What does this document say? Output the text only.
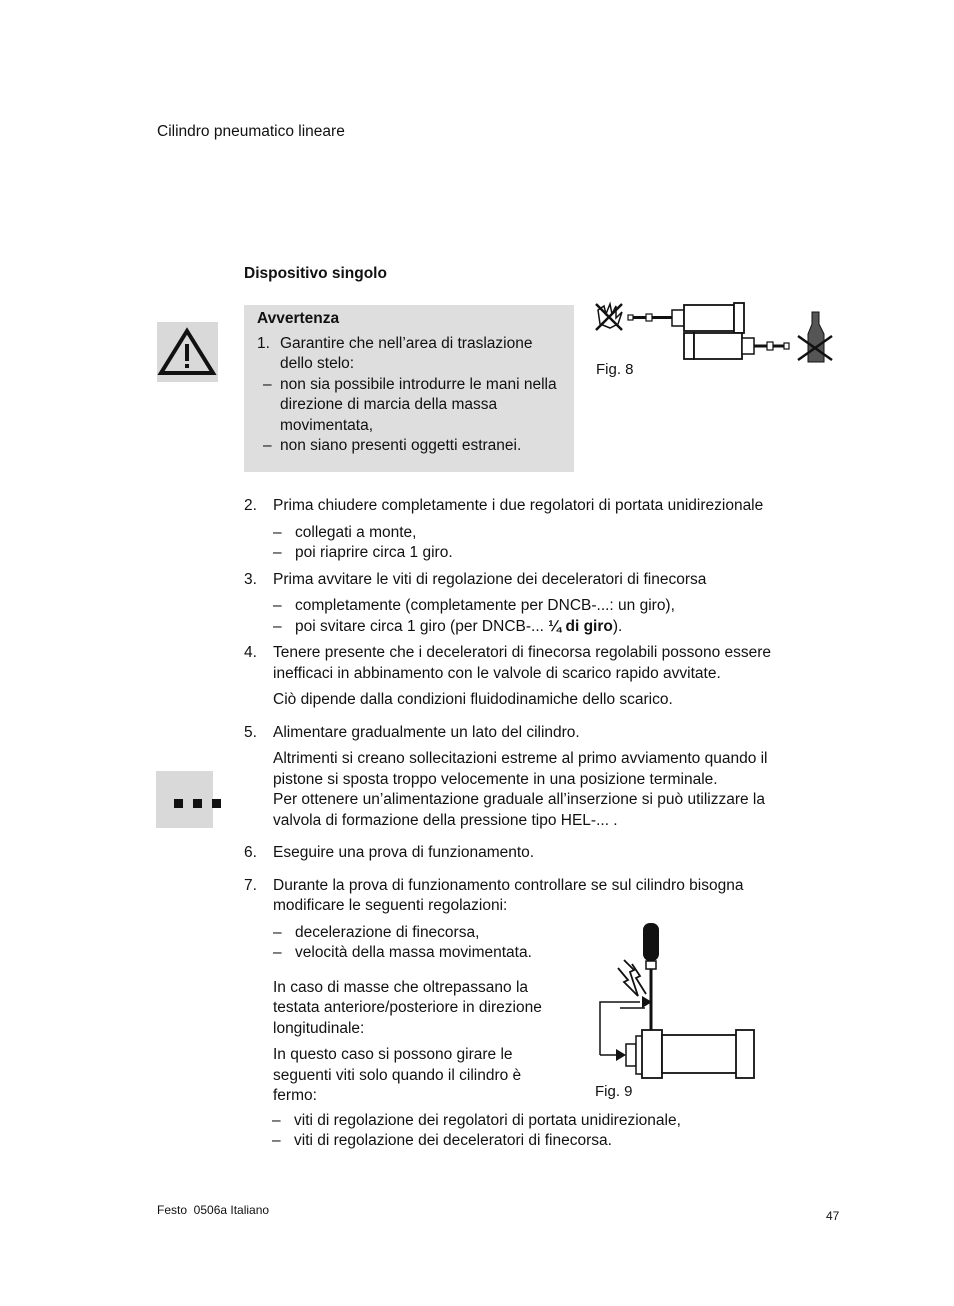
Cilindro pneumatico lineare
Dispositivo singolo
Avvertenza
1. Garantire che nell’area di traslazione dello stelo:
– non sia possibile introdurre le mani nella direzione di marcia della massa movimentata,
– non siano presenti oggetti estranei.
Fig. 8
2. Prima chiudere completamente i due regolatori di portata unidirezionale
– collegati a monte,
– poi riaprire circa 1 giro.
3. Prima avvitare le viti di regolazione dei deceleratori di finecorsa
– completamente (completamente per DNCB-...: un giro),
– poi svitare circa 1 giro (per DNCB-... ¼ di giro).
4. Tenere presente che i deceleratori di finecorsa regolabili possono essere inefficaci in abbinamento con le valvole di scarico rapido avvitate.
Ciò dipende dalla condizioni fluidodinamiche dello scarico.
5. Alimentare gradualmente un lato del cilindro.
Altrimenti si creano sollecitazioni estreme al primo avviamento quando il pistone si sposta troppo velocemente in una posizione terminale.
Per ottenere un’alimentazione graduale all’inserzione si può utilizzare la valvola di formazione della pressione tipo HEL-... .
6. Eseguire una prova di funzionamento.
7. Durante la prova di funzionamento controllare se sul cilindro bisogna modificare le seguenti regolazioni:
– decelerazione di finecorsa,
– velocità della massa movimentata.
In caso di masse che oltrepassano la testata anteriore/posteriore in direzione longitudinale:
In questo caso si possono girare le seguenti viti solo quando il cilindro è fermo:
– viti di regolazione dei regolatori di portata unidirezionale,
– viti di regolazione dei deceleratori di finecorsa.
Fig. 9
Festo  0506a Italiano	47
